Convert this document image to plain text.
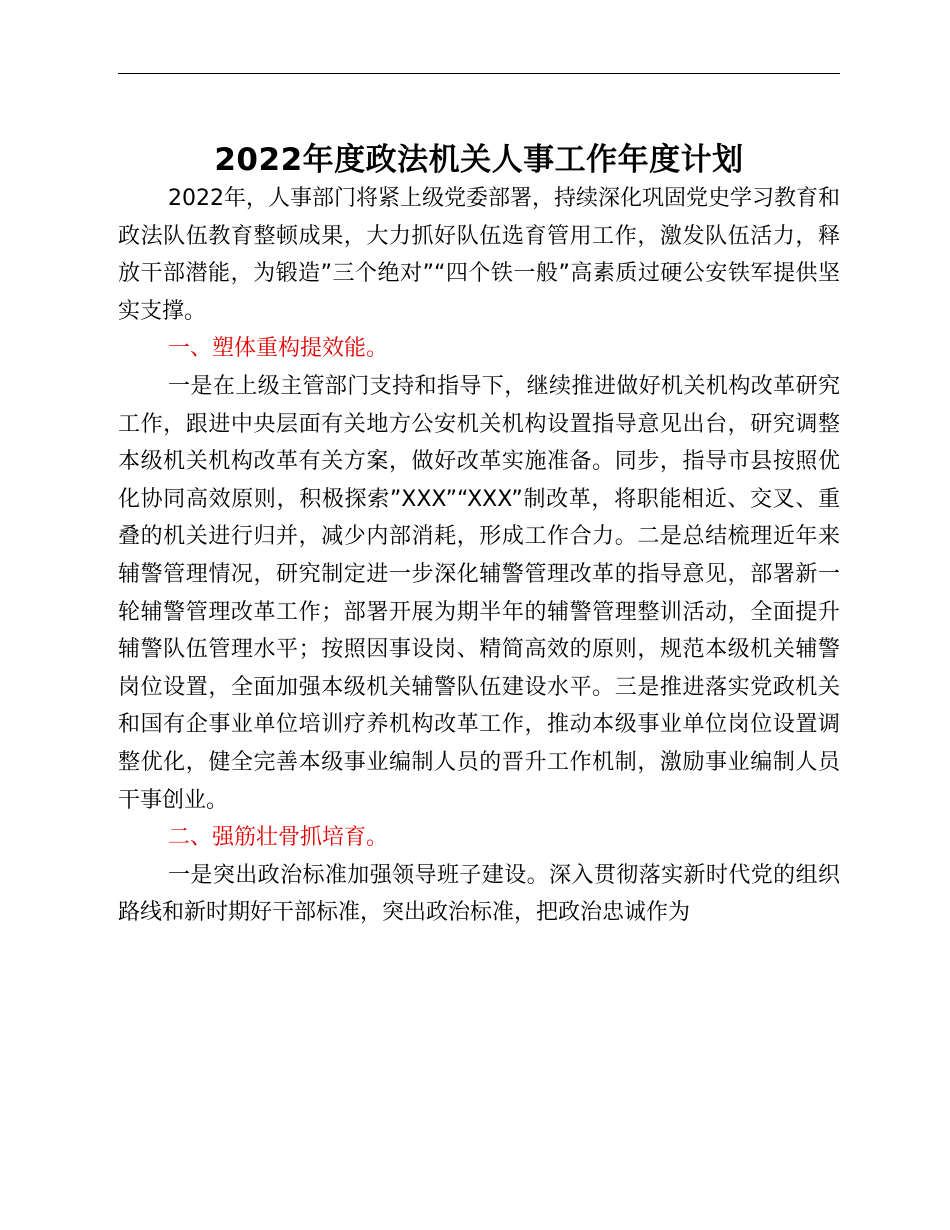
2022年度政法机关人事工作年度计划

2022年，人事部门将紧上级党委部署，持续深化巩固党史学习教育和政法队伍教育整顿成果，大力抓好队伍选育管用工作，激发队伍活力，释放干部潜能，为锻造”三个绝对”“四个铁一般”高素质过硬公安铁军提供坚实支撑。

一、塑体重构提效能。

一是在上级主管部门支持和指导下，继续推进做好机关机构改革研究工作，跟进中央层面有关地方公安机关机构设置指导意见出台，研究调整本级机关机构改革有关方案，做好改革实施准备。同步，指导市县按照优化协同高效原则，积极探索”XXX”“XXX”制改革，将职能相近、交叉、重叠的机关进行归并，减少内部消耗，形成工作合力。二是总结梳理近年来辅警管理情况，研究制定进一步深化辅警管理改革的指导意见，部署新一轮辅警管理改革工作；部署开展为期半年的辅警管理整训活动，全面提升辅警队伍管理水平；按照因事设岗、精简高效的原则，规范本级机关辅警岗位设置，全面加强本级机关辅警队伍建设水平。三是推进落实党政机关和国有企事业单位培训疗养机构改革工作，推动本级事业单位岗位设置调整优化，健全完善本级事业编制人员的晋升工作机制，激励事业编制人员干事创业。

二、强筋壮骨抓培育。

一是突出政治标准加强领导班子建设。深入贯彻落实新时代党的组织路线和新时期好干部标准，突出政治标准，把政治忠诚作为
